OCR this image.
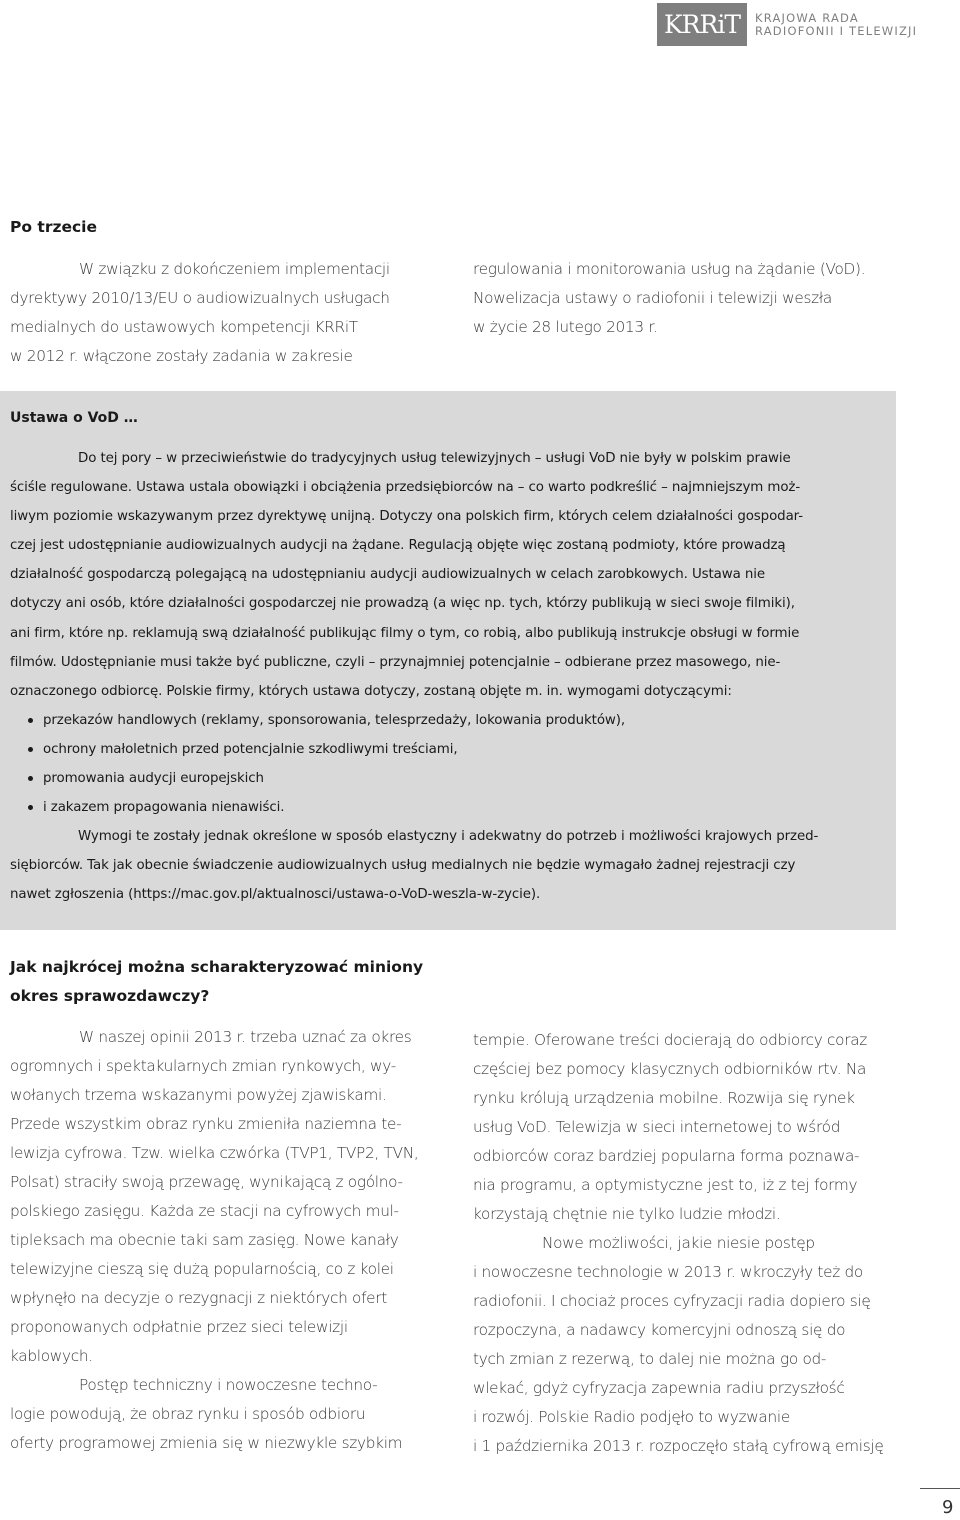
KRRiT	KRAJOWA RADA
RADIOFONII I TELEWIZJI
Po trzecie
W związku z dokończeniem implementacji
dyrektywy 2010/13/EU o audiowizualnych usługach
medialnych do ustawowych kompetencji KRRiT
w 2012 r. włączone zostały zadania w zakresie
regulowania i monitorowania usług na żądanie (VoD).
Nowelizacja ustawy o radiofonii i telewizji weszła
w życie 28 lutego 2013 r.
Ustawa o VoD …
Do tej pory – w przeciwieństwie do tradycyjnych usług telewizyjnych – usługi VoD nie były w polskim prawie
ściśle regulowane. Ustawa ustala obowiązki i obciążenia przedsiębiorców na – co warto podkreślić – najmniejszym moż-
liwym poziomie wskazywanym przez dyrektywę unijną. Dotyczy ona polskich firm, których celem działalności gospodar-
czej jest udostępnianie audiowizualnych audycji na żądane. Regulacją objęte więc zostaną podmioty, które prowadzą
działalność gospodarczą polegającą na udostępnianiu audycji audiowizualnych w celach zarobkowych. Ustawa nie
dotyczy ani osób, które działalności gospodarczej nie prowadzą (a więc np. tych, którzy publikują w sieci swoje filmiki),
ani firm, które np. reklamują swą działalność publikując filmy o tym, co robią, albo publikują instrukcje obsługi w formie
filmów. Udostępnianie musi także być publiczne, czyli – przynajmniej potencjalnie – odbierane przez masowego, nie-
oznaczonego odbiorcę. Polskie firmy, których ustawa dotyczy, zostaną objęte m. in. wymogami dotyczącymi:
przekazów handlowych (reklamy, sponsorowania, telesprzedaży, lokowania produktów),
ochrony małoletnich przed potencjalnie szkodliwymi treściami,
promowania audycji europejskich
i zakazem propagowania nienawiści.
Wymogi te zostały jednak określone w sposób elastyczny i adekwatny do potrzeb i możliwości krajowych przed-
siębiorców. Tak jak obecnie świadczenie audiowizualnych usług medialnych nie będzie wymagało żadnej rejestracji czy
nawet zgłoszenia (https://mac.gov.pl/aktualnosci/ustawa-o-VoD-weszla-w-zycie).
Jak najkrócej można scharakteryzować miniony
okres sprawozdawczy?
W naszej opinii 2013 r. trzeba uznać za okres
ogromnych i spektakularnych zmian rynkowych, wy-
wołanych trzema wskazanymi powyżej zjawiskami.
Przede wszystkim obraz rynku zmieniła naziemna te-
lewizja cyfrowa. Tzw. wielka czwórka (TVP1, TVP2, TVN,
Polsat) straciły swoją przewagę, wynikającą z ogólno-
polskiego zasięgu. Każda ze stacji na cyfrowych mul-
tipleksach ma obecnie taki sam zasięg. Nowe kanały
telewizyjne cieszą się dużą popularnością, co z kolei
wpłynęło na decyzje o rezygnacji z niektórych ofert
proponowanych odpłatnie przez sieci telewizji
kablowych.
Postęp techniczny i nowoczesne techno-
logie powodują, że obraz rynku i sposób odbioru
oferty programowej zmienia się w niezwykle szybkim
tempie. Oferowane treści docierają do odbiorcy coraz
częściej bez pomocy klasycznych odbiorników rtv. Na
rynku królują urządzenia mobilne. Rozwija się rynek
usług VoD. Telewizja w sieci internetowej to wśród
odbiorców coraz bardziej popularna forma poznawa-
nia programu, a optymistyczne jest to, iż z tej formy
korzystają chętnie nie tylko ludzie młodzi.
Nowe możliwości, jakie niesie postęp
i nowoczesne technologie w 2013 r. wkroczyły też do
radiofonii. I chociaż proces cyfryzacji radia dopiero się
rozpoczyna, a nadawcy komercyjni odnoszą się do
tych zmian z rezerwą, to dalej nie można go od-
wlekać, gdyż cyfryzacja zapewnia radiu przyszłość
i rozwój. Polskie Radio podjęło to wyzwanie
i 1 października 2013 r. rozpoczęło stałą cyfrową emisję
9
